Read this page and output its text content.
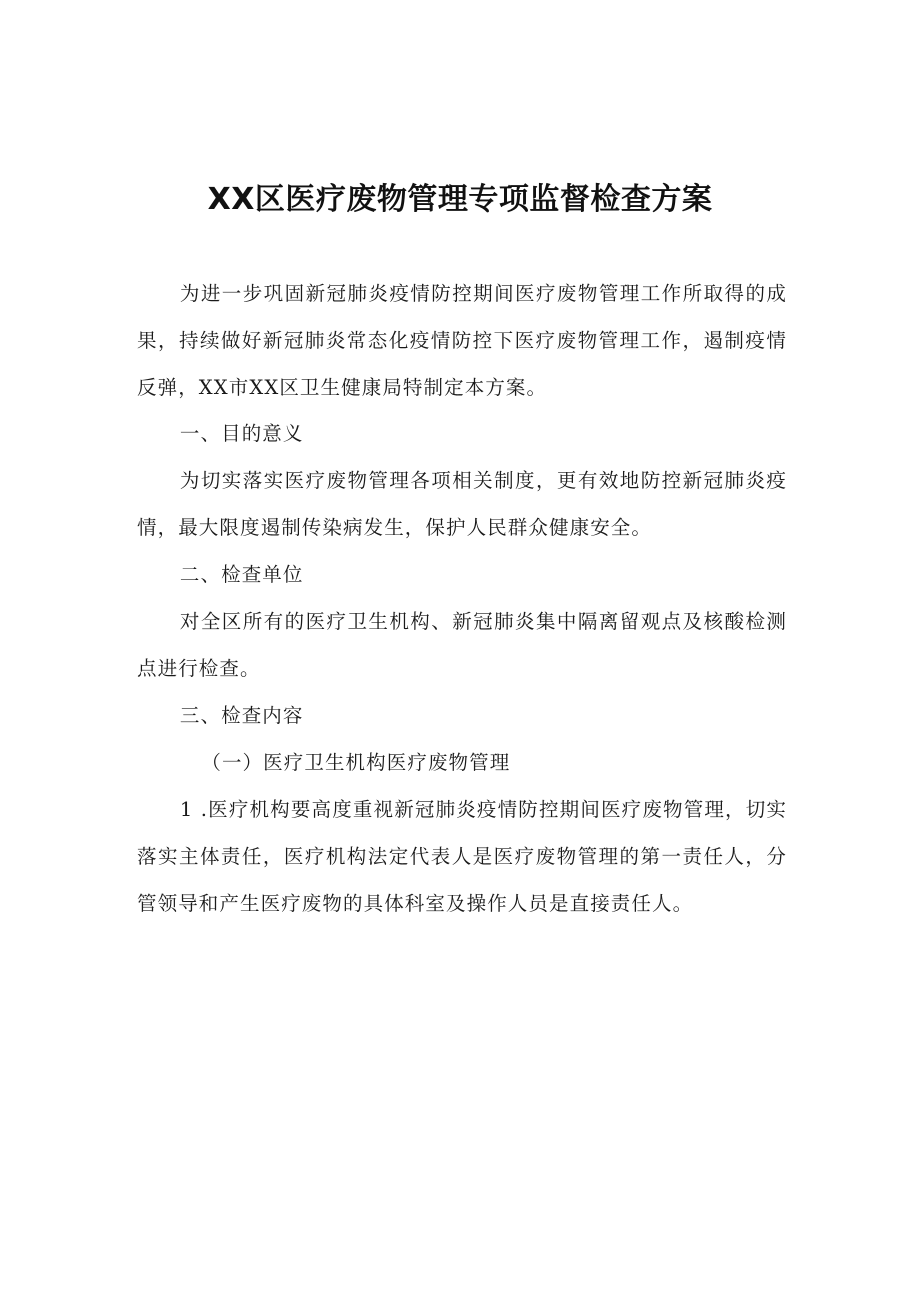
XX区医疗废物管理专项监督检查方案

为进一步巩固新冠肺炎疫情防控期间医疗废物管理工作所取得的成果，持续做好新冠肺炎常态化疫情防控下医疗废物管理工作，遏制疫情反弹，XX市XX区卫生健康局特制定本方案。

一、目的意义

为切实落实医疗废物管理各项相关制度，更有效地防控新冠肺炎疫情，最大限度遏制传染病发生，保护人民群众健康安全。

二、检查单位

对全区所有的医疗卫生机构、新冠肺炎集中隔离留观点及核酸检测点进行检查。

三、检查内容

（一）医疗卫生机构医疗废物管理

1 .医疗机构要高度重视新冠肺炎疫情防控期间医疗废物管理，切实落实主体责任，医疗机构法定代表人是医疗废物管理的第一责任人，分管领导和产生医疗废物的具体科室及操作人员是直接责任人。
